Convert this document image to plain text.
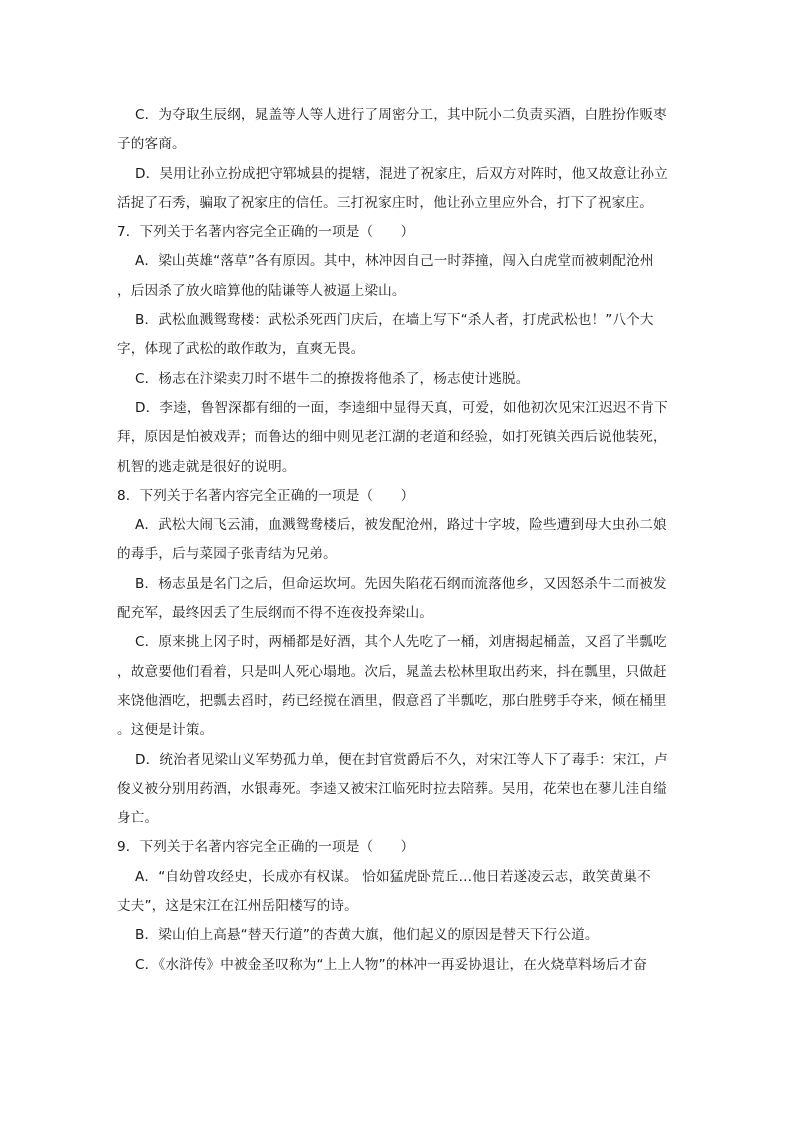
C．为夺取生辰纲，晁盖等人等人进行了周密分工，其中阮小二负责买酒，白胜扮作贩枣
子的客商。
D．吴用让孙立扮成把守郓城县的提辖，混进了祝家庄，后双方对阵时，他又故意让孙立
活捉了石秀，骗取了祝家庄的信任。三打祝家庄时，他让孙立里应外合，打下了祝家庄。
7．下列关于名著内容完全正确的一项是（　　）
A．梁山英雄“落草”各有原因。其中，林冲因自己一时莽撞，闯入白虎堂而被刺配沧州
，后因杀了放火暗算他的陆谦等人被逼上梁山。
B．武松血溅鸳鸯楼：武松杀死西门庆后，在墙上写下“杀人者，打虎武松也！”八个大
字，体现了武松的敢作敢为，直爽无畏。
C．杨志在汴梁卖刀时不堪牛二的撩拨将他杀了，杨志使计逃脱。
D．李逵，鲁智深都有细的一面，李逵细中显得天真，可爱，如他初次见宋江迟迟不肯下
拜，原因是怕被戏弄；而鲁达的细中则见老江湖的老道和经验，如打死镇关西后说他装死，
机智的逃走就是很好的说明。
8．下列关于名著内容完全正确的一项是（　　）
A．武松大闹飞云浦，血溅鸳鸯楼后，被发配沧州，路过十字坡，险些遭到母大虫孙二娘
的毒手，后与菜园子张青结为兄弟。
B．杨志虽是名门之后，但命运坎坷。先因失陷花石纲而流落他乡，又因怒杀牛二而被发
配充军，最终因丢了生辰纲而不得不连夜投奔梁山。
C．原来挑上冈子时，两桶都是好酒，其个人先吃了一桶，刘唐揭起桶盖，又舀了半瓢吃
，故意要他们看着，只是叫人死心塌地。次后，晁盖去松林里取出药来，抖在瓢里，只做赶
来饶他酒吃，把瓢去舀时，药已经搅在酒里，假意舀了半瓢吃，那白胜劈手夺来，倾在桶里
。这便是计策。
D．统治者见梁山义军势孤力单，便在封官赏爵后不久，对宋江等人下了毒手：宋江，卢
俊义被分别用药酒，水银毒死。李逵又被宋江临死时拉去陪葬。吴用，花荣也在蓼儿洼自缢
身亡。
9．下列关于名著内容完全正确的一项是（　　）
A．“自幼曾攻经史，长成亦有权谋。 恰如猛虎卧荒丘…他日若遂凌云志，敢笑黄巢不
丈夫”，这是宋江在江州岳阳楼写的诗。
B．梁山伯上高悬“替天行道”的杏黄大旗，他们起义的原因是替天下行公道。
C．《水浒传》中被金圣叹称为“上上人物”的林冲一再妥协退让，在火烧草料场后才奋
